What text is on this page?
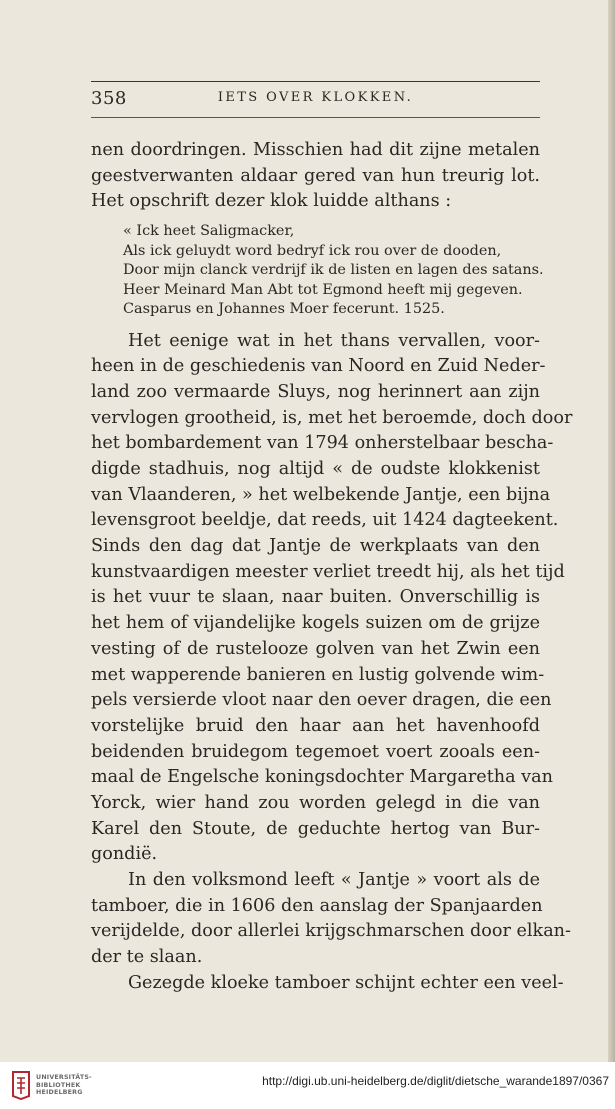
358	IETS OVER KLOKKEN.
nen doordringen. Misschien had dit zijne metalen
geestverwanten aldaar gered van hun treurig lot.
Het opschrift dezer klok luidde althans :
« Ick heet Saligmacker,
Als ick geluydt word bedryf ick rou over de dooden,
Door mijn clanck verdrijf ik de listen en lagen des satans.
Heer Meinard Man Abt tot Egmond heeft mij gegeven.
Casparus en Johannes Moer fecerunt. 1525.
Het eenige wat in het thans vervallen, voor-
heen in de geschiedenis van Noord en Zuid Neder-
land zoo vermaarde Sluys, nog herinnert aan zijn
vervlogen grootheid, is, met het beroemde, doch door
het bombardement van 1794 onherstelbaar bescha-
digde stadhuis, nog altijd « de oudste klokkenist
van Vlaanderen, » het welbekende Jantje, een bijna
levensgroot beeldje, dat reeds, uit 1424 dagteekent.
Sinds den dag dat Jantje de werkplaats van den
kunstvaardigen meester verliet treedt hij, als het tijd
is het vuur te slaan, naar buiten. Onverschillig is
het hem of vijandelijke kogels suizen om de grijze
vesting of de rustelooze golven van het Zwin een
met wapperende banieren en lustig golvende wim-
pels versierde vloot naar den oever dragen, die een
vorstelijke bruid den haar aan het havenhoofd
beidenden bruidegom tegemoet voert zooals een-
maal de Engelsche koningsdochter Margaretha van
Yorck, wier hand zou worden gelegd in die van
Karel den Stoute, de geduchte hertog van Bur-
gondië.
In den volksmond leeft « Jantje » voort als de
tamboer, die in 1606 den aanslag der Spanjaarden
verijdelde, door allerlei krijgschmarschen door elkan-
der te slaan.
Gezegde kloeke tamboer schijnt echter een veel-
UNIVERSITÄTS-
BIBLIOTHEK
HEIDELBERG
http://digi.ub.uni-heidelberg.de/diglit/dietsche_warande1897/0367
